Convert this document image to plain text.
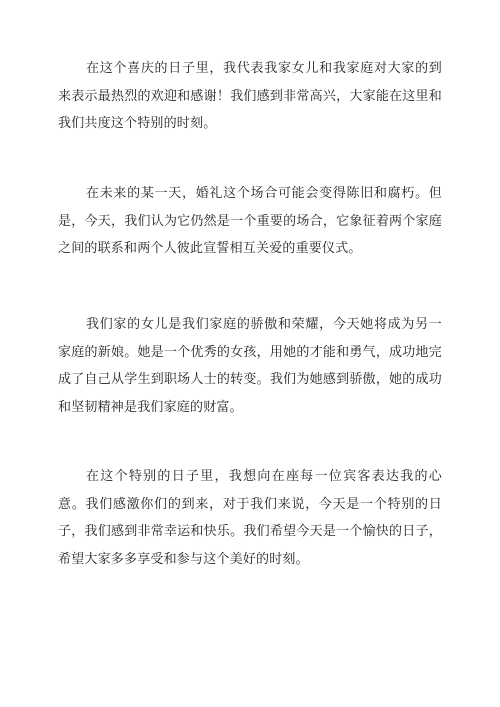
在这个喜庆的日子里，我代表我家女儿和我家庭对大家的到来表示最热烈的欢迎和感谢！我们感到非常高兴，大家能在这里和我们共度这个特别的时刻。

在未来的某一天，婚礼这个场合可能会变得陈旧和腐朽。但是，今天，我们认为它仍然是一个重要的场合，它象征着两个家庭之间的联系和两个人彼此宣誓相互关爱的重要仪式。

我们家的女儿是我们家庭的骄傲和荣耀，今天她将成为另一家庭的新娘。她是一个优秀的女孩，用她的才能和勇气，成功地完成了自己从学生到职场人士的转变。我们为她感到骄傲，她的成功和坚韧精神是我们家庭的财富。

在这个特别的日子里，我想向在座每一位宾客表达我的心意。我们感激你们的到来，对于我们来说，今天是一个特别的日子，我们感到非常幸运和快乐。我们希望今天是一个愉快的日子，希望大家多多享受和参与这个美好的时刻。
